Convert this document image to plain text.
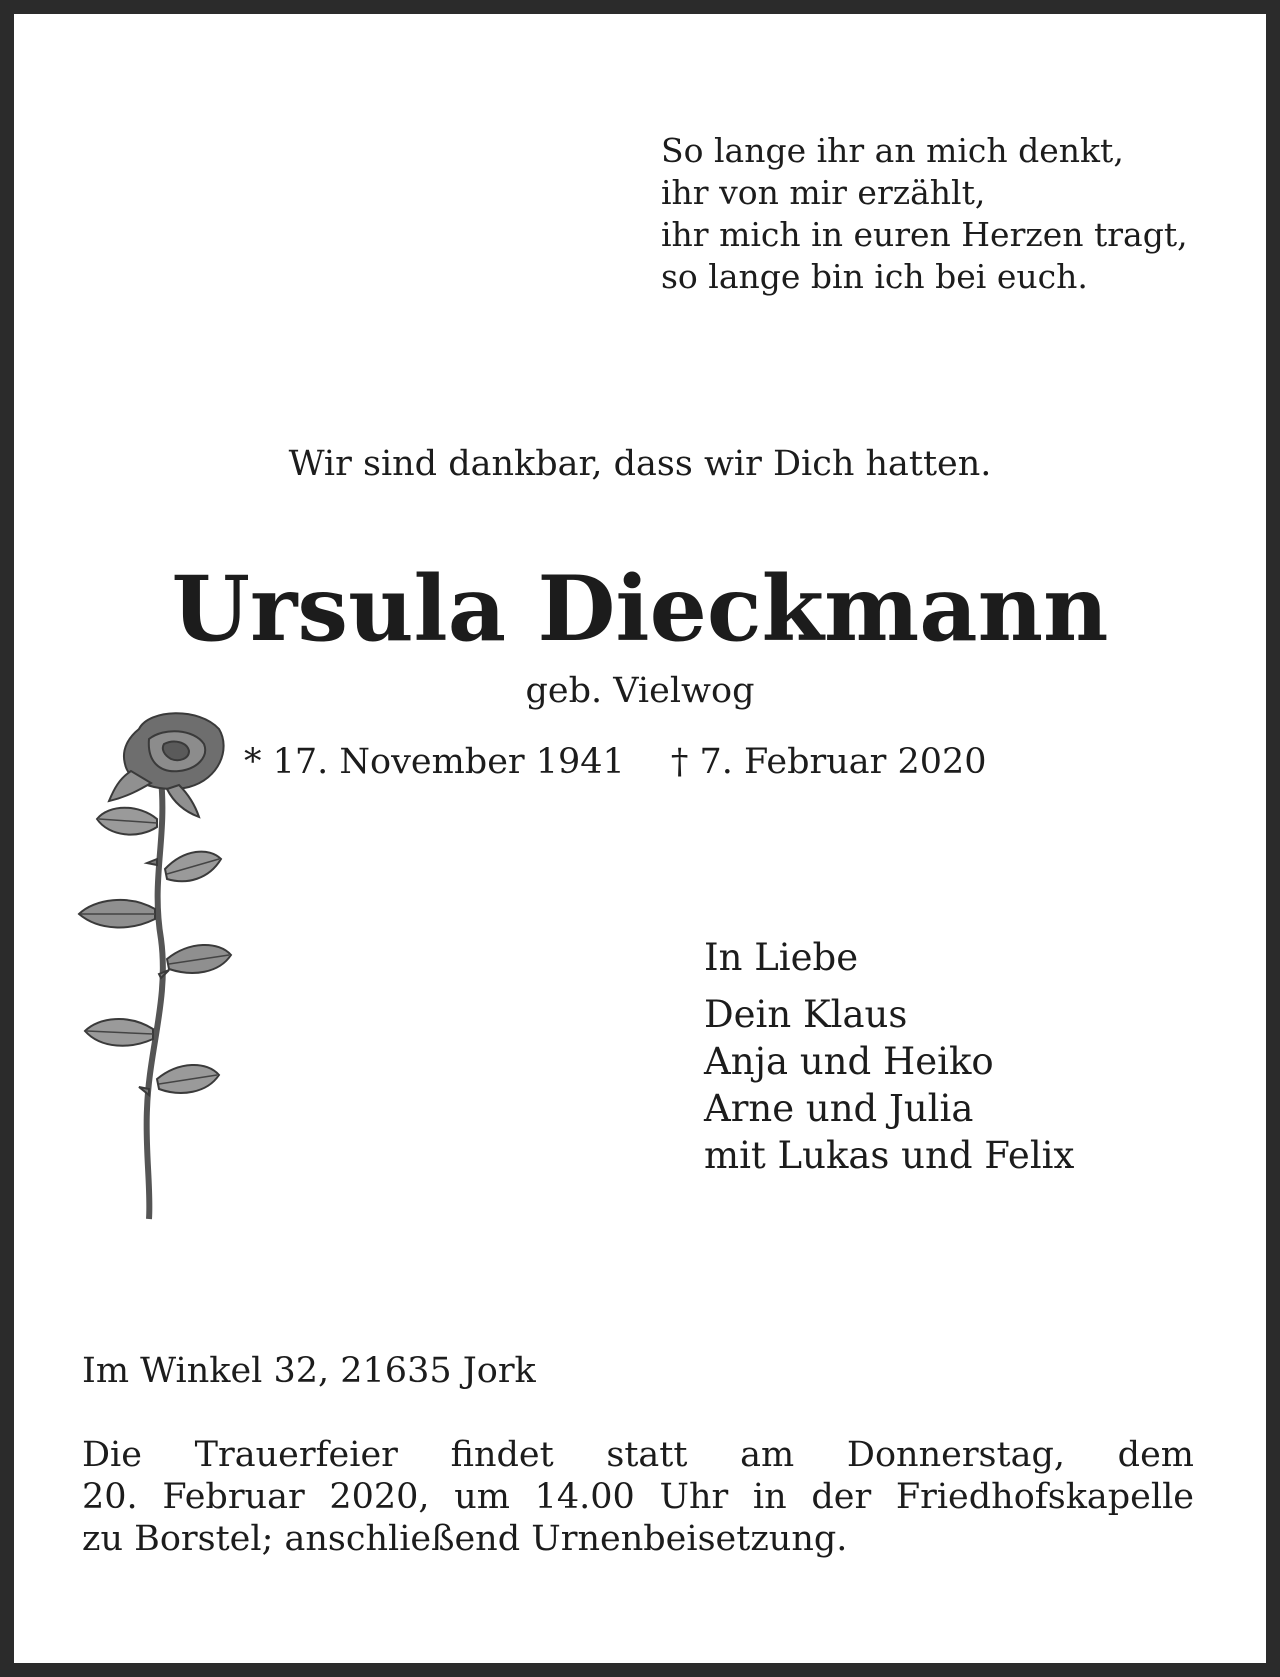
So lange ihr an mich denkt,
ihr von mir erzählt,
ihr mich in euren Herzen tragt,
so lange bin ich bei euch.
Wir sind dankbar, dass wir Dich hatten.
Ursula Dieckmann
geb. Vielwog
* 17. November 1941 † 7. Februar 2020
In Liebe
Dein Klaus
Anja und Heiko
Arne und Julia
mit Lukas und Felix
Im Winkel 32, 21635 Jork
Die Trauerfeier findet statt am Donnerstag, dem
20. Februar 2020, um 14.00 Uhr in der Friedhofskapelle
zu Borstel; anschließend Urnenbeisetzung.
